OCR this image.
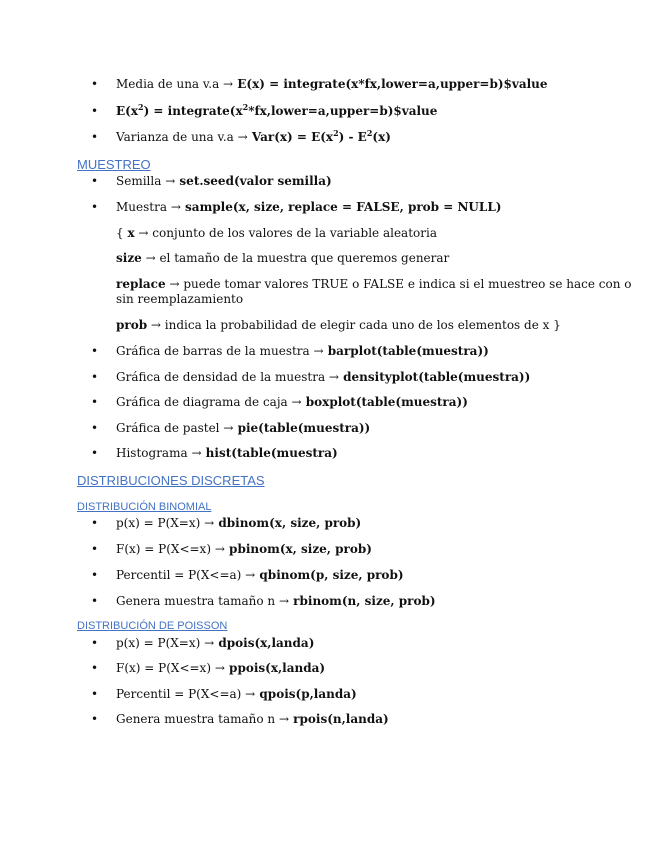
• Media de una v.a → E(x) = integrate(x*fx,lower=a,upper=b)$value
• $E(x^2)$ = $integrate(x^2*fx,lower=a,upper=b)\$value$
• Varianza de una $v.a \to Var(x) = E(x^2) - E^2(x)$
MUESTREO
• Semilla → set.seed(valor semilla)
• Muestra → sample(x, size, replace = FALSE, prob = NULL)
{ x → conjunto de los valores de la variable aleatoria
size → el tamaño de la muestra que queremos generar
replace → puede tomar valores TRUE o FALSE e indica si el muestreo se hace con o
sin reemplazamiento
prob → indica la probabilidad de elegir cada uno de los elementos de x }
• Gráfica de barras de la muestra → barplot(table(muestra))
• Gráfica de densidad de la muestra → densityplot(table(muestra))
• Gráfica de diagrama de caja → boxplot(table(muestra))
• Gráfica de pastel → pie(table(muestra))
• Histograma → hist(table(muestra)
DISTRIBUCIONES DISCRETAS
DISTRIBUCIÓN BINOMIAL
• p(x) = P(X=x) → dbinom(x, size, prob)
• F(x) = P(X<=x) → pbinom(x, size, prob)
• Percentil = P(X<=a) → qbinom(p, size, prob)
• Genera muestra tamaño n → rbinom(n, size, prob)
DISTRIBUCIÓN DE POISSON
• p(x) = P(X=x) → dpois(x,landa)
• F(x) = P(X<=x) → ppois(x,landa)
• Percentil = P(X<=a) → qpois(p,landa)
• Genera muestra tamaño n → rpois(n,landa)
